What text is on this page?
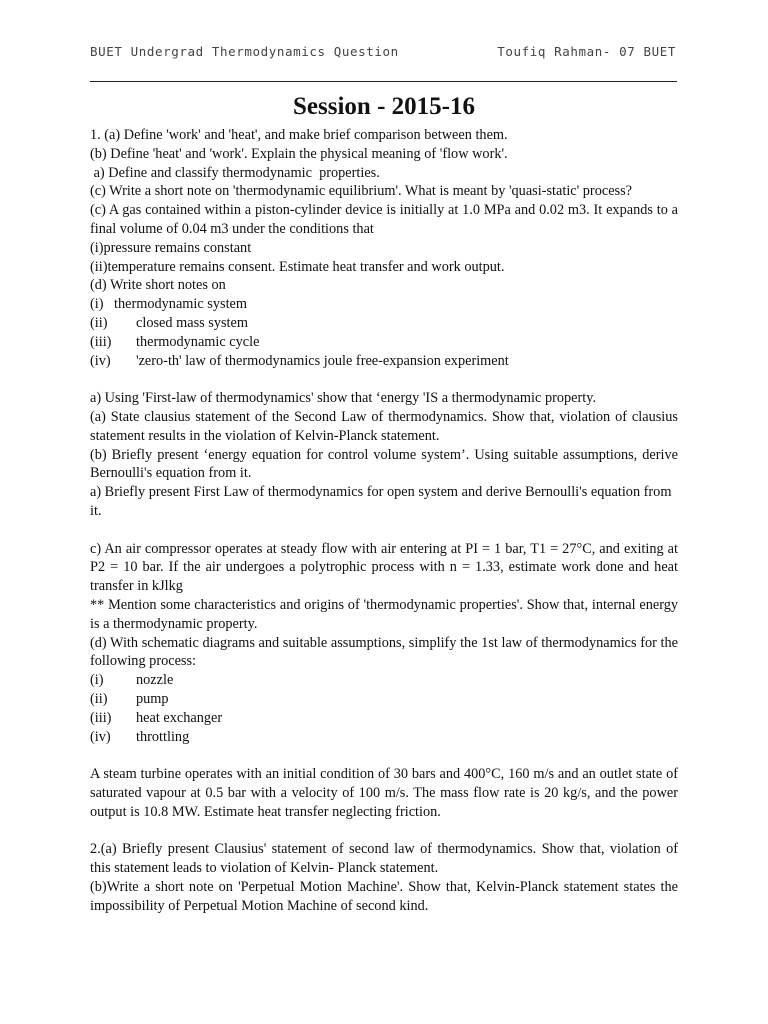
BUET Undergrad Thermodynamics Question	Toufiq Rahman- 07 BUET
Session - 2015-16

1. (a) Define 'work' and 'heat', and make brief comparison between them.

(b) Define 'heat' and 'work'. Explain the physical meaning of 'flow work'.

a) Define and classify thermodynamic  properties.

(c) Write a short note on 'thermodynamic equilibrium'. What is meant by 'quasi-static' process?

(c) A gas contained within a piston-cylinder device is initially at 1.0 MPa and 0.02 m3. It expands to a final volume of 0.04 m3 under the conditions that

(i)pressure remains constant

(ii)temperature remains consent. Estimate heat transfer and work output.

(d) Write short notes on

(i) thermodynamic system
(ii)	closed mass system
(iii)	thermodynamic cycle
(iv)	'zero-th' law of thermodynamics joule free-expansion experiment

a) Using 'First-law of thermodynamics' show that ‘energy 'IS a thermodynamic property.

(a) State clausius statement of the Second Law of thermodynamics. Show that, violation of clausius statement results in the violation of Kelvin-Planck statement.

(b) Briefly present ‘energy equation for control volume system’. Using suitable assumptions, derive Bernoulli's equation from it.

a) Briefly present First Law of thermodynamics for open system and derive Bernoulli's equation from it.

c) An air compressor operates at steady flow with air entering at PI = 1 bar, T1 = 27°C, and exiting at P2 = 10 bar. If the air undergoes a polytrophic process with n = 1.33, estimate work done and heat transfer in kJlkg

** Mention some characteristics and origins of 'thermodynamic properties'. Show that, internal energy is a thermodynamic property.

(d) With schematic diagrams and suitable assumptions, simplify the 1st law of thermodynamics for the following process:

(i)	nozzle
(ii)	pump
(iii)	heat exchanger
(iv)	throttling

A steam turbine operates with an initial condition of 30 bars and 400°C, 160 m/s and an outlet state of saturated vapour at 0.5 bar with a velocity of 100 m/s. The mass flow rate is 20 kg/s, and the power output is 10.8 MW. Estimate heat transfer neglecting friction.

2.(a) Briefly present Clausius' statement of second law of thermodynamics. Show that, violation of this statement leads to violation of Kelvin- Planck statement.

(b)Write a short note on 'Perpetual Motion Machine'. Show that, Kelvin-Planck statement states the impossibility of Perpetual Motion Machine of second kind.
